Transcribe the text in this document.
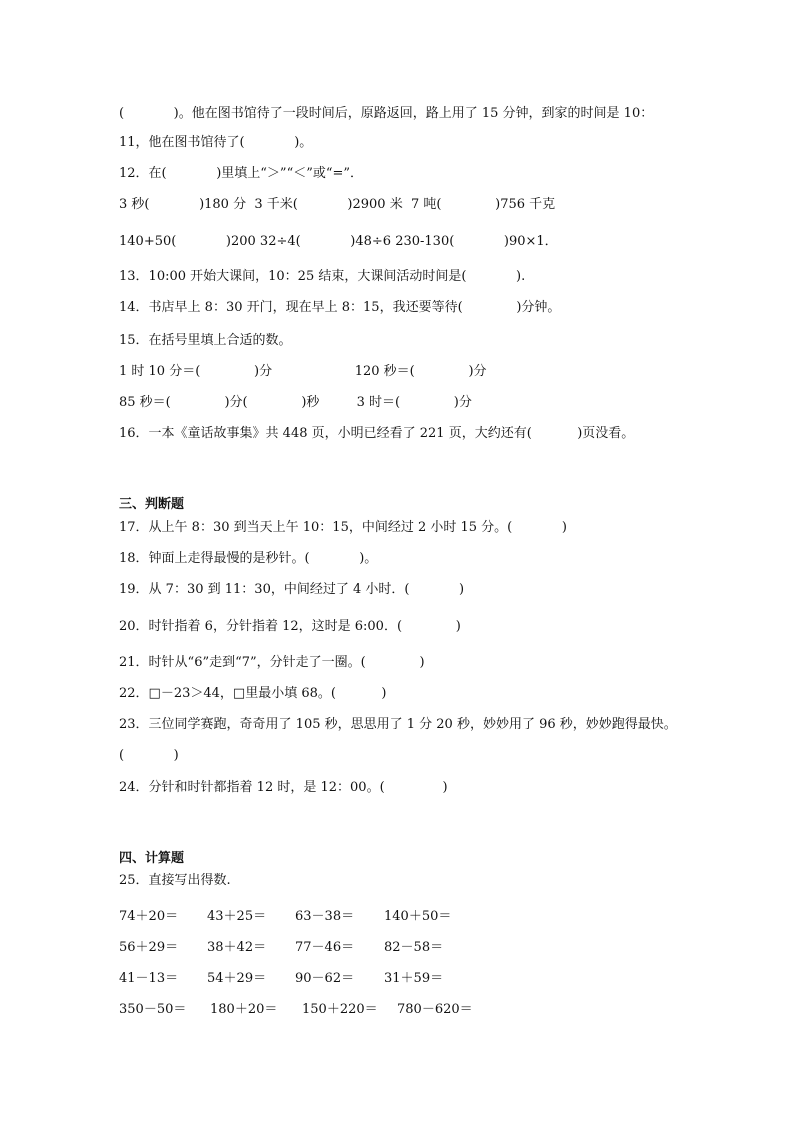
(            )。他在图书馆待了一段时间后，原路返回，路上用了 15 分钟，到家的时间是 10：
11，他在图书馆待了(            )。
12．在(            )里填上“＞”“＜”或“=”．
3 秒(            )180 分  3 千米(            )2900 米  7 吨(             )756 千克
140+50(            )200 32÷4(            )48÷6 230-130(            )90×1．
13．10:00 开始大课间，10：25 结束，大课间活动时间是(            ).
14．书店早上 8：30 开门，现在早上 8：15，我还要等待(             )分钟。
15．在括号里填上合适的数。
1 时 10 分＝(             )分                    120 秒＝(             )分
85 秒＝(             )分(             )秒         3 时＝(             )分
16．一本《童话故事集》共 448 页，小明已经看了 221 页，大约还有(           )页没看。
三、判断题
17．从上午 8：30 到当天上午 10：15，中间经过 2 小时 15 分。(            )
18．钟面上走得最慢的是秒针。(            )。
19．从 7：30 到 11：30，中间经过了 4 小时．(            )
20．时针指着 6，分针指着 12，这时是 6:00．(             )
21．时针从“6”走到“7”，分针走了一圈。(             )
22．□－23＞44，□里最小填 68。(           )
23．三位同学赛跑，奇奇用了 105 秒，思思用了 1 分 20 秒，妙妙用了 96 秒，妙妙跑得最快。
(            )
24．分针和时针都指着 12 时，是 12：00。(              )
四、计算题
25．直接写出得数.
74＋20＝ 43＋25＝ 63－38＝ 140＋50＝
56＋29＝ 38＋42＝ 77－46＝ 82－58＝
41－13＝ 54＋29＝ 90－62＝ 31＋59＝
350－50＝ 180＋20＝ 150＋220＝ 780－620＝
